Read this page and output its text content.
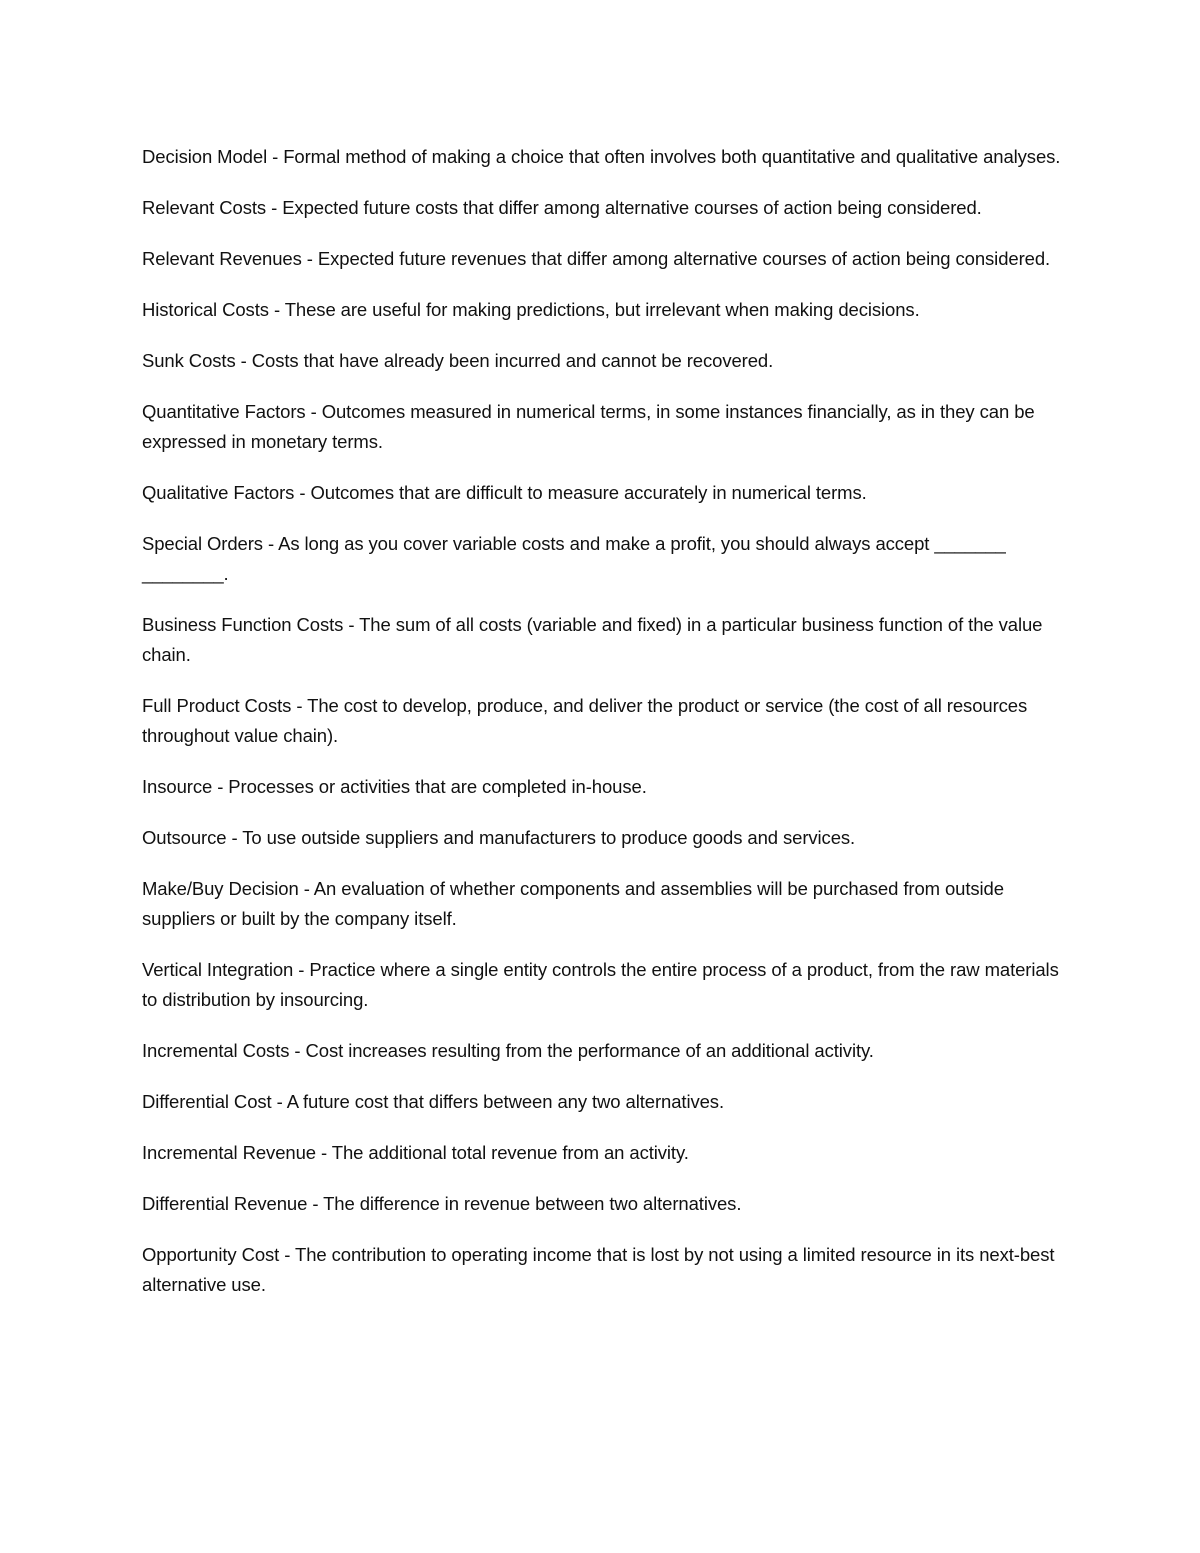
Decision Model - Formal method of making a choice that often involves both quantitative and qualitative analyses.

Relevant Costs - Expected future costs that differ among alternative courses of action being considered.

Relevant Revenues - Expected future revenues that differ among alternative courses of action being considered.

Historical Costs - These are useful for making predictions, but irrelevant when making decisions.

Sunk Costs - Costs that have already been incurred and cannot be recovered.

Quantitative Factors - Outcomes measured in numerical terms, in some instances financially, as in they can be expressed in monetary terms.

Qualitative Factors - Outcomes that are difficult to measure accurately in numerical terms.

Special Orders - As long as you cover variable costs and make a profit, you should always accept _______ ________.

Business Function Costs - The sum of all costs (variable and fixed) in a particular business function of the value chain.

Full Product Costs - The cost to develop, produce, and deliver the product or service (the cost of all resources throughout value chain).

Insource - Processes or activities that are completed in-house.

Outsource - To use outside suppliers and manufacturers to produce goods and services.

Make/Buy Decision - An evaluation of whether components and assemblies will be purchased from outside suppliers or built by the company itself.

Vertical Integration - Practice where a single entity controls the entire process of a product, from the raw materials to distribution by insourcing.

Incremental Costs - Cost increases resulting from the performance of an additional activity.

Differential Cost - A future cost that differs between any two alternatives.

Incremental Revenue - The additional total revenue from an activity.

Differential Revenue - The difference in revenue between two alternatives.

Opportunity Cost - The contribution to operating income that is lost by not using a limited resource in its next-best alternative use.
